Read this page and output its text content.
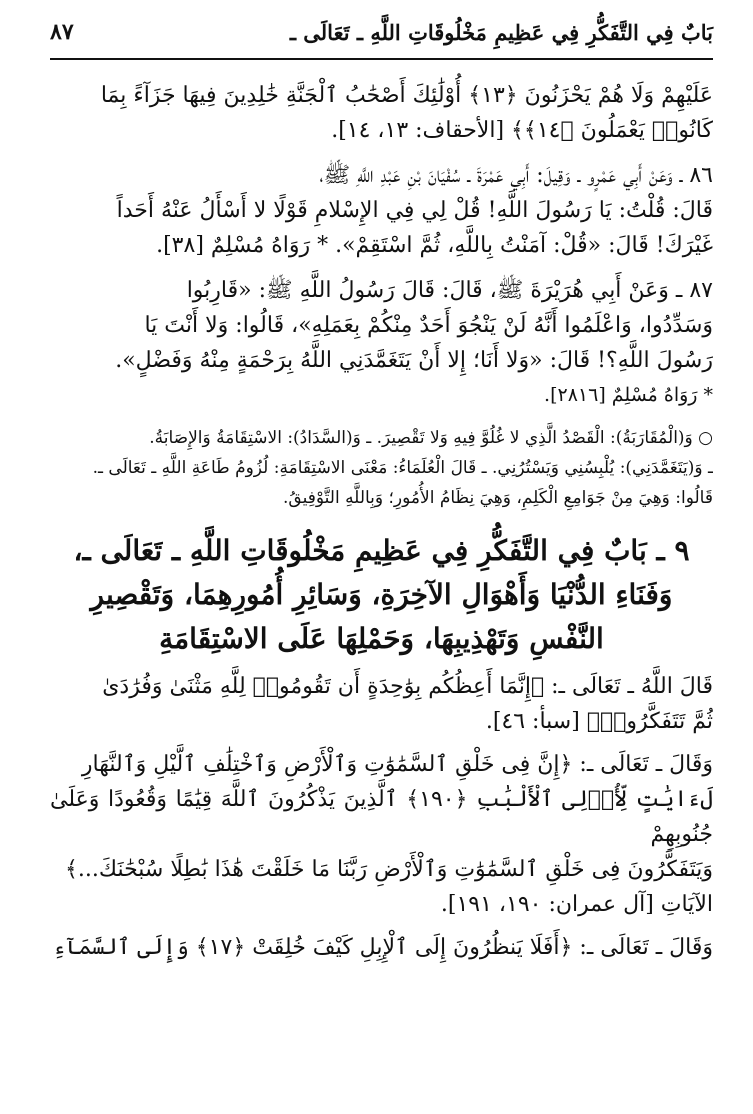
بَابٌ فِي التَّفَكُّرِ فِي عَظِيمِ مَخْلُوقَاتِ اللَّهِ ـ تَعَالَى ـ
٨٧

عَلَيْهِمْ وَلَا هُمْ يَحْزَنُونَ ﴿١٣﴾ أُوْلَٰئِكَ أَصْحَٰبُ ٱلْجَنَّةِ خَٰلِدِينَ فِيهَا جَزَآءً بِمَا
كَانُوا۟ يَعْمَلُونَ ﴿١٤﴾﴾ [الأحقاف: ١٣، ١٤].

٨٦ ـ وَعَنْ أَبِي عَمْرٍو ـ وَقِيلَ: أَبِي عَمْرَةَ ـ سُفْيَانَ بْنِ عَبْدِ اللَّهِ ﷺ،
قَالَ: قُلْتُ: يَا رَسُولَ اللَّهِ! قُلْ لِي فِي الإِسْلامِ قَوْلًا لا أَسْأَلُ عَنْهُ أَحَداً
غَيْرَكَ! قَالَ: «قُلْ: آمَنْتُ بِاللَّهِ، ثُمَّ اسْتَقِمْ». * رَوَاهُ مُسْلِمٌ [٣٨].

٨٧ ـ وَعَنْ أَبِي هُرَيْرَةَ ﷺ، قَالَ: قَالَ رَسُولُ اللَّهِ ﷺ: «قَارِبُوا
وَسَدِّدُوا، وَاعْلَمُوا أَنَّهُ لَنْ يَنْجُوَ أَحَدٌ مِنْكُمْ بِعَمَلِهِ»، قَالُوا: وَلا أَنْتَ يَا
رَسُولَ اللَّهِ؟! قَالَ: «وَلا أَنَا؛ إِلا أَنْ يَتَغَمَّدَنِي اللَّهُ بِرَحْمَةٍ مِنْهُ وَفَضْلٍ».
* رَوَاهُ مُسْلِمٌ [٢٨١٦].

○ وَ(الْمُقَارَبَةُ): الْقَصْدُ الَّذِي لا غُلُوَّ فِيهِ وَلا تَقْصِيرَ. ـ وَ(السَّدَادُ): الاسْتِقَامَةُ وَالإِصَابَةُ.

ـ وَ(يَتَغَمَّدَنِي): يُلْبِسُنِي وَيَسْتُرُنِي. ـ قَالَ الْعُلَمَاءُ: مَعْنَى الاسْتِقَامَةِ: لُزُومُ طَاعَةِ اللَّهِ ـ تَعَالَى ـ.

قَالُوا: وَهِيَ مِنْ جَوَامِعِ الْكَلِمِ، وَهِيَ نِظَامُ الأُمُورِ؛ وَبِاللَّهِ التَّوْفِيقُ.

٩ ـ بَابٌ فِي التَّفَكُّرِ فِي عَظِيمِ مَخْلُوقَاتِ اللَّهِ ـ تَعَالَى ـ،
وَفَنَاءِ الدُّنْيَا وَأَهْوَالِ الآخِرَةِ، وَسَائِرِ أُمُورِهِمَا، وَتَقْصِيرِ
النَّفْسِ وَتَهْذِيبِهَا، وَحَمْلِهَا عَلَى الاسْتِقَامَةِ

قَالَ اللَّهُ ـ تَعَالَى ـ: ﴿إِنَّمَا أَعِظُكُم بِوَٰحِدَةٍ أَن تَقُومُوا۟ لِلَّهِ مَثْنَىٰ وَفُرَٰدَىٰ
ثُمَّ تَتَفَكَّرُوا۟﴾ [سبأ: ٤٦].

وَقَالَ ـ تَعَالَى ـ: ﴿إِنَّ فِى خَلْقِ ٱلسَّمَٰوَٰتِ وَٱلْأَرْضِ وَٱخْتِلَٰفِ ٱلَّيْلِ وَٱلنَّهَارِ
لَءَايَٰتٍ لِّأُو۟لِى ٱلْأَلْبَٰبِ ﴿١٩٠﴾ ٱلَّذِينَ يَذْكُرُونَ ٱللَّهَ قِيَٰمًا وَقُعُودًا وَعَلَىٰ جُنُوبِهِمْ
وَيَتَفَكَّرُونَ فِى خَلْقِ ٱلسَّمَٰوَٰتِ وَٱلْأَرْضِ رَبَّنَا مَا خَلَقْتَ هَٰذَا بَٰطِلًا سُبْحَٰنَكَ...﴾
الآيَاتِ [آل عمران: ١٩٠، ١٩١].

وَقَالَ ـ تَعَالَى ـ: ﴿أَفَلَا يَنظُرُونَ إِلَى ٱلْإِبِلِ كَيْفَ خُلِقَتْ ﴿١٧﴾ وَإِلَى ٱلسَّمَآءِ
